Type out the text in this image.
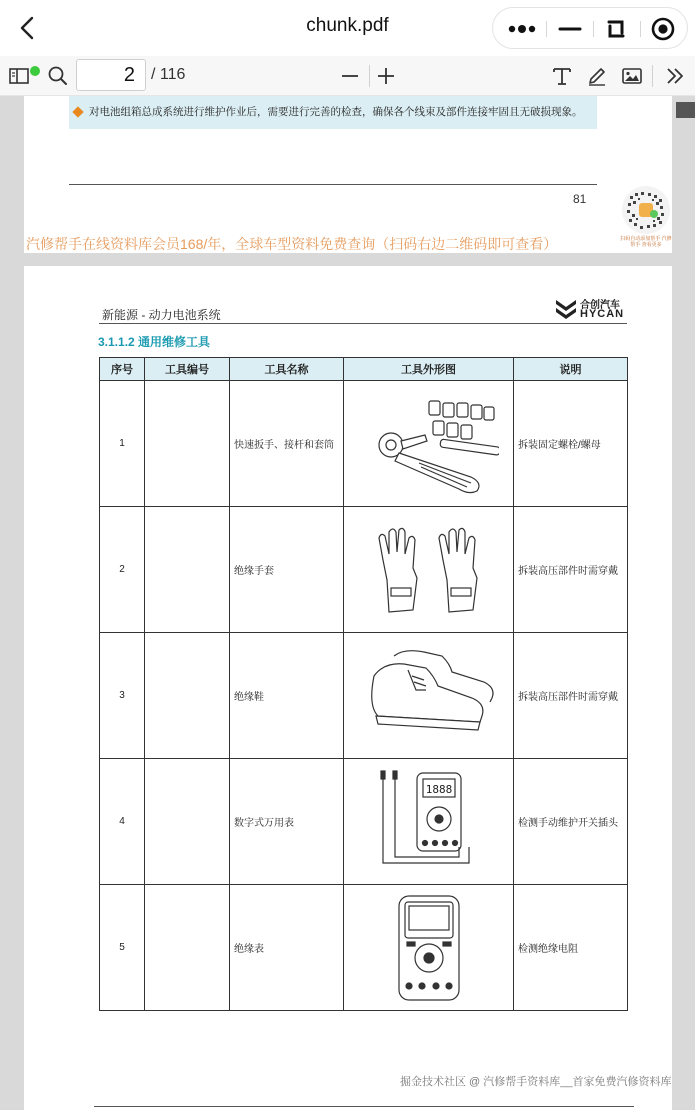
chunk.pdf
2
/ 116
对电池组箱总成系统进行维护作业后，需要进行完善的检查，确保各个线束及部件连接牢固且无破损现象。
81
扫码自动添加帮手 汽修帮手 查看更多
汽修帮手在线资料库会员168/年，全球车型资料免费查询（扫码右边二维码即可查看）
新能源 - 动力电池系统
合创汽车
HYCAN
3.1.1.2 通用维修工具
序号	工具编号	工具名称	工具外形图	说明
1		快速扳手、接杆和套筒		拆装固定螺栓/螺母
2		绝缘手套		拆装高压部件时需穿戴
3		绝缘鞋		拆装高压部件时需穿戴
4		数字式万用表	1888	检测手动维护开关插头
5		绝缘表		检测绝缘电阻
掘金技术社区 @ 汽修帮手资料库__首家免费汽修资料库
